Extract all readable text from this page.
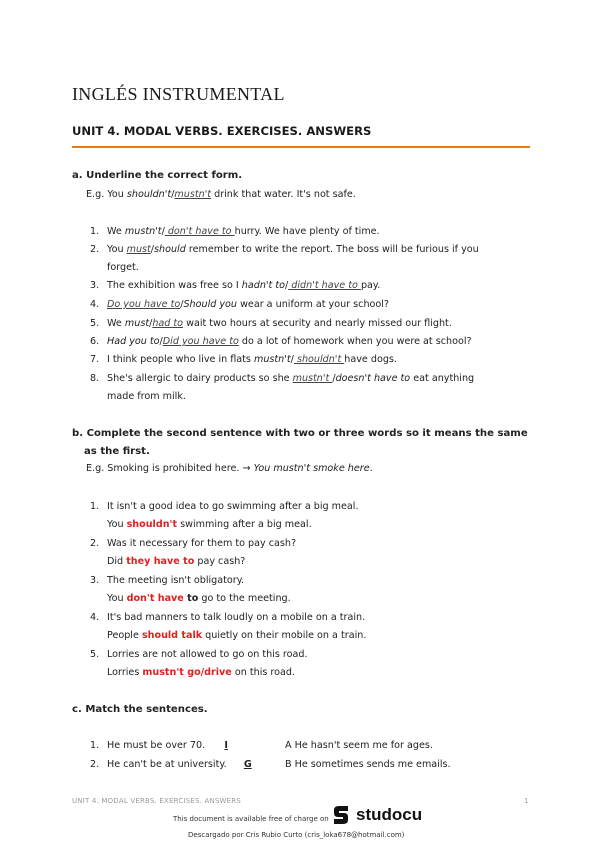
INGLÉS INSTRUMENTAL
UNIT 4. MODAL VERBS. EXERCISES. ANSWERS
a. Underline the correct form.
E.g. You shouldn't/mustn't drink that water. It's not safe.
1. We mustn't/ don't have to hurry. We have plenty of time.
2. You must/should remember to write the report. The boss will be furious if you
forget.
3. The exhibition was free so I hadn't to/ didn't have to pay.
4. Do you have to/Should you wear a uniform at your school?
5. We must/had to wait two hours at security and nearly missed our flight.
6. Had you to/Did you have to do a lot of homework when you were at school?
7. I think people who live in flats mustn't/ shouldn't have dogs.
8. She's allergic to dairy products so she mustn't /doesn't have to eat anything
made from milk.
b. Complete the second sentence with two or three words so it means the same
as the first.
E.g. Smoking is prohibited here. → You mustn't smoke here.
1. It isn't a good idea to go swimming after a big meal.
You shouldn't swimming after a big meal.
2. Was it necessary for them to pay cash?
Did they have to pay cash?
3. The meeting isn't obligatory.
You don't have to go to the meeting.
4. It's bad manners to talk loudly on a mobile on a train.
People should talk quietly on their mobile on a train.
5. Lorries are not allowed to go on this road.
Lorries mustn't go/drive on this road.
c. Match the sentences.
1. He must be over 70. I	A He hasn't seem me for ages.
2. He can't be at university. G	B He sometimes sends me emails.
UNIT 4. MODAL VERBS. EXERCISES. ANSWERS	1
This document is available free of charge on studocu
Descargado por Cris Rubio Curto (cris_loka678@hotmail.com)
